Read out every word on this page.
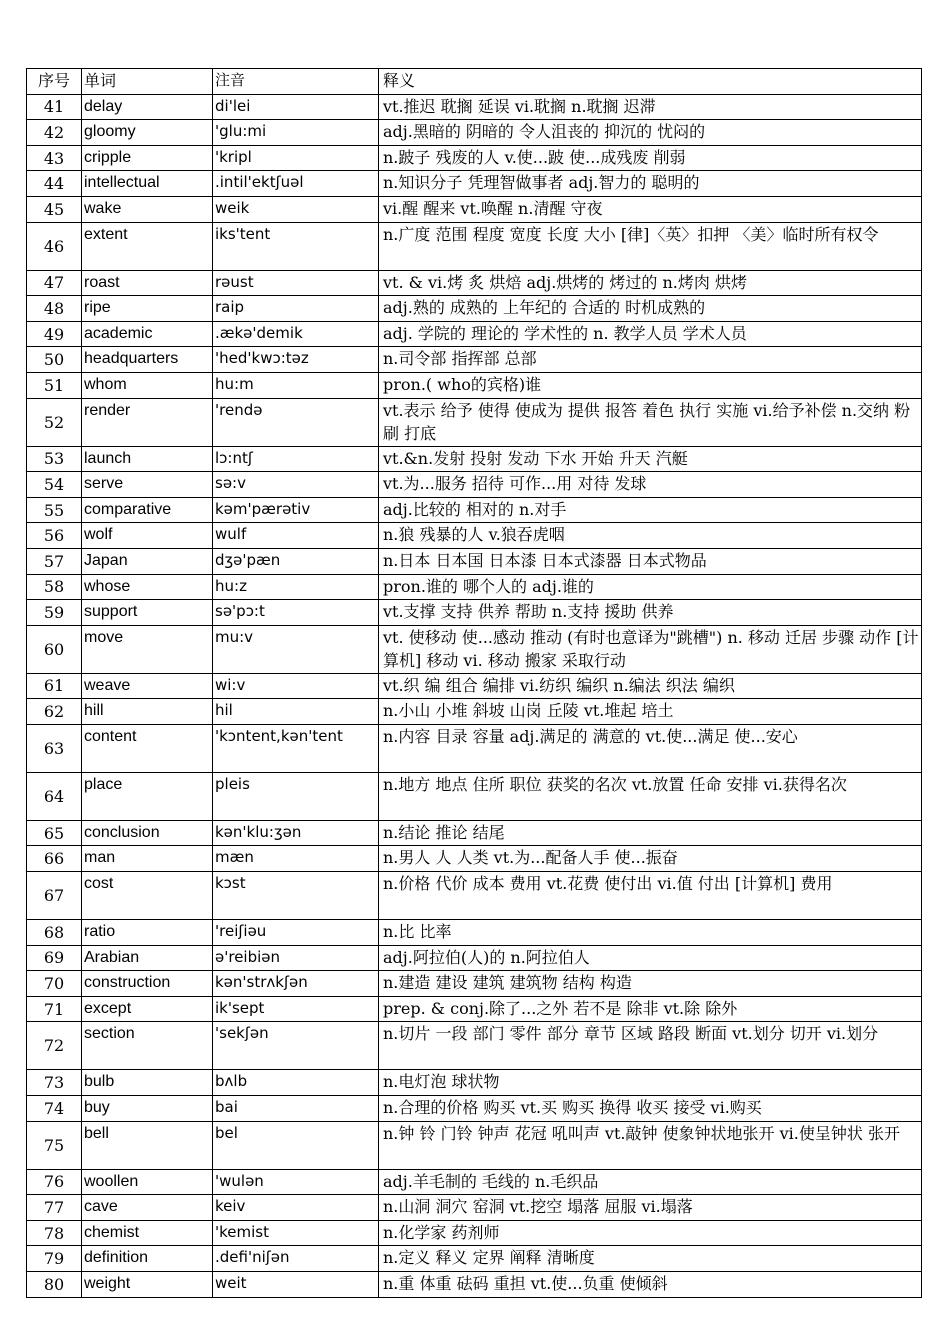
序号	单词	注音	释义
41	delay	di'lei	vt.推迟 耽搁 延误 vi.耽搁 n.耽搁 迟滞
42	gloomy	'glu:mi	adj.黑暗的 阴暗的 令人沮丧的 抑沉的 忧闷的
43	cripple	'kripl	n.跛子 残废的人 v.使...跛 使...成残废 削弱
44	intellectual	.intil'ektʃuəl	n.知识分子 凭理智做事者 adj.智力的 聪明的
45	wake	weik	vi.醒 醒来 vt.唤醒 n.清醒 守夜
46	extent	iks'tent	n.广度 范围 程度 宽度 长度 大小 [律]〈英〉扣押 〈美〉临时所有权令
47	roast	rəust	vt. & vi.烤 炙 烘焙 adj.烘烤的 烤过的 n.烤肉 烘烤
48	ripe	raip	adj.熟的 成熟的 上年纪的 合适的 时机成熟的
49	academic	.ækə'demik	adj. 学院的 理论的 学术性的 n. 教学人员 学术人员
50	headquarters	'hed'kwɔ:təz	n.司令部 指挥部 总部
51	whom	hu:m	pron.( who的宾格)谁
52	render	'rendə	vt.表示 给予 使得 使成为 提供 报答 着色 执行 实施 vi.给予补偿 n.交纳 粉刷 打底
53	launch	lɔ:ntʃ	vt.&n.发射 投射 发动 下水 开始 升天 汽艇
54	serve	sə:v	vt.为...服务 招待 可作...用 对待 发球
55	comparative	kəm'pærətiv	adj.比较的 相对的 n.对手
56	wolf	wulf	n.狼 残暴的人 v.狼吞虎咽
57	Japan	dʒə'pæn	n.日本 日本国 日本漆 日本式漆器 日本式物品
58	whose	hu:z	pron.谁的 哪个人的 adj.谁的
59	support	sə'pɔ:t	vt.支撑 支持 供养 帮助 n.支持 援助 供养
60	move	mu:v	vt. 使移动 使...感动 推动 (有时也意译为"跳槽") n. 移动 迁居 步骤 动作 [计算机] 移动 vi. 移动 搬家 采取行动
61	weave	wi:v	vt.织 编 组合 编排 vi.纺织 编织 n.编法 织法 编织
62	hill	hil	n.小山 小堆 斜坡 山岗 丘陵 vt.堆起 培土
63	content	'kɔntent,kən'tent	n.内容 目录 容量 adj.满足的 满意的 vt.使...满足 使...安心
64	place	pleis	n.地方 地点 住所 职位 获奖的名次 vt.放置 任命 安排 vi.获得名次
65	conclusion	kən'klu:ʒən	n.结论 推论 结尾
66	man	mæn	n.男人 人 人类 vt.为...配备人手 使...振奋
67	cost	kɔst	n.价格 代价 成本 费用 vt.花费 使付出 vi.值 付出 [计算机] 费用
68	ratio	'reiʃiəu	n.比 比率
69	Arabian	ə'reibiən	adj.阿拉伯(人)的 n.阿拉伯人
70	construction	kən'strʌkʃən	n.建造 建设 建筑 建筑物 结构 构造
71	except	ik'sept	prep. & conj.除了...之外 若不是 除非 vt.除 除外
72	section	'sekʃən	n.切片 一段 部门 零件 部分 章节 区域 路段 断面 vt.划分 切开 vi.划分
73	bulb	bʌlb	n.电灯泡 球状物
74	buy	bai	n.合理的价格 购买 vt.买 购买 换得 收买 接受 vi.购买
75	bell	bel	n.钟 铃 门铃 钟声 花冠 吼叫声 vt.敲钟 使象钟状地张开 vi.使呈钟状 张开
76	woollen	'wulən	adj.羊毛制的 毛线的 n.毛织品
77	cave	keiv	n.山洞 洞穴 窑洞 vt.挖空 塌落 屈服 vi.塌落
78	chemist	'kemist	n.化学家 药剂师
79	definition	.defi'niʃən	n.定义 释义 定界 阐释 清晰度
80	weight	weit	n.重 体重 砝码 重担 vt.使...负重 使倾斜
